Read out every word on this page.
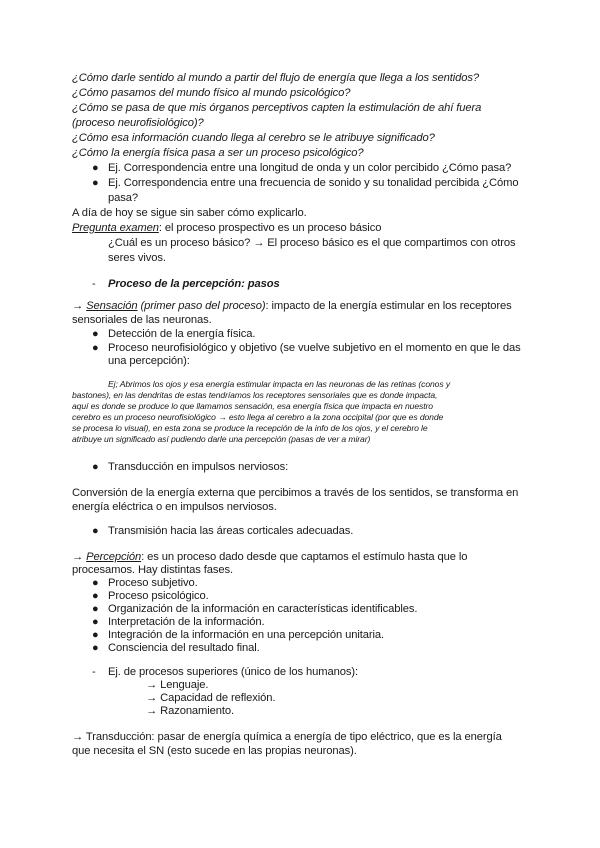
¿Cómo darle sentido al mundo a partir del flujo de energía que llega a los sentidos?
¿Cómo pasamos del mundo físico al mundo psicológico?
¿Cómo se pasa de que mis órganos perceptivos capten la estimulación de ahí fuera
(proceso neurofisiológico)?
¿Cómo esa información cuando llega al cerebro se le atribuye significado?
¿Cómo la energía física pasa a ser un proceso psicológico?
● Ej. Correspondencia entre una longitud de onda y un color percibido ¿Cómo pasa?
● Ej. Correspondencia entre una frecuencia de sonido y su tonalidad percibida ¿Cómo
pasa?
A día de hoy se sigue sin saber cómo explicarlo.
Pregunta examen: el proceso prospectivo es un proceso básico
¿Cuál es un proceso básico? → El proceso básico es el que compartimos con otros
seres vivos.
- Proceso de la percepción: pasos
→ Sensación (primer paso del proceso): impacto de la energía estimular en los receptores
sensoriales de las neuronas.
● Detección de la energía física.
● Proceso neurofisiológico y objetivo (se vuelve subjetivo en el momento en que le das
una percepción):
Ej; Abrimos los ojos y esa energía estimular impacta en las neuronas de las retinas (conos y
bastones), en las dendritas de estas tendríamos los receptores sensoriales que es donde impacta,
aquí es donde se produce lo que llamamos sensación, esa energía física que impacta en nuestro
cerebro es un proceso neurofisiológico → esto llega al cerebro a la zona occipital (por que es donde
se procesa lo visual), en esta zona se produce la recepción de la info de los ojos, y el cerebro le
atribuye un significado así pudiendo darle una percepción (pasas de ver a mirar)
● Transducción en impulsos nerviosos:
Conversión de la energía externa que percibimos a través de los sentidos, se transforma en
energía eléctrica o en impulsos nerviosos.
● Transmisión hacia las áreas corticales adecuadas.
→ Percepción: es un proceso dado desde que captamos el estímulo hasta que lo
procesamos. Hay distintas fases.
● Proceso subjetivo.
● Proceso psicológico.
● Organización de la información en características identificables.
● Interpretación de la información.
● Integración de la información en una percepción unitaria.
● Consciencia del resultado final.
- Ej. de procesos superiores (único de los humanos):
→ Lenguaje.
→ Capacidad de reflexión.
→ Razonamiento.
→ Transducción: pasar de energía química a energía de tipo eléctrico, que es la energía
que necesita el SN (esto sucede en las propias neuronas).
